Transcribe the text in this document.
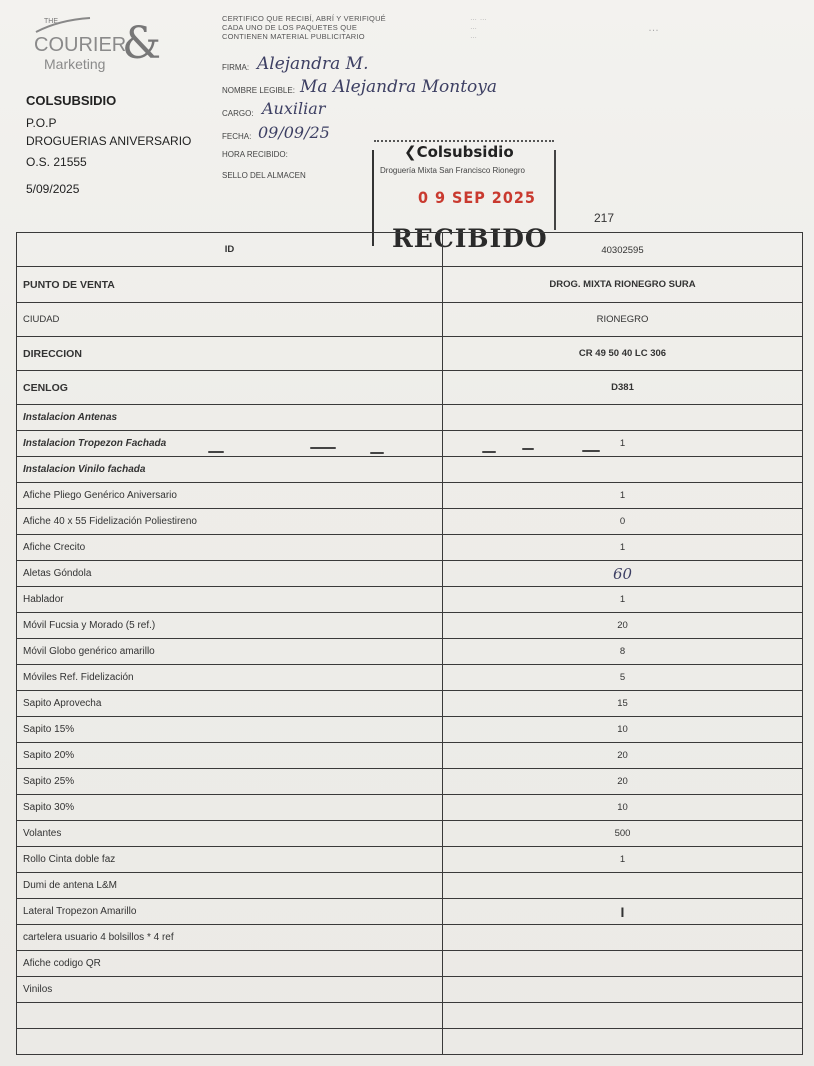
THE
COURIER
Marketing &
COLSUBSIDIO
P.O.P
DROGUERIAS ANIVERSARIO
O.S. 21555
5/09/2025
CERTIFICO QUE RECIBÍ, ABRÍ Y VERIFIQUÉ
CADA UNO DE LOS PAQUETES QUE
CONTIENEN MATERIAL PUBLICITARIO
… …
…
…
…
FIRMA: Alejandra M.
NOMBRE LEGIBLE: Ma Alejandra Montoya
CARGO: Auxiliar
FECHA: 09/09/25
HORA RECIBIDO:
SELLO DEL ALMACEN
❮Colsubsidio
Droguería Mixta San Francisco Rionegro
0 9 SEP 2025
RECIBIDO
217
ID	40302595
PUNTO DE VENTA	DROG. MIXTA RIONEGRO SURA
CIUDAD	RIONEGRO
DIRECCION	CR 49 50 40 LC 306
CENLOG	D381
Instalacion Antenas	
Instalacion Tropezon Fachada	1
Instalacion Vinilo fachada	
Afiche Pliego Genérico Aniversario	1
Afiche 40 x 55 Fidelización Poliestireno	0
Afiche Crecito	1
Aletas Góndola	60
Hablador	1
Móvil Fucsia y Morado (5 ref.)	20
Móvil Globo genérico amarillo	8
Móviles Ref. Fidelización	5
Sapito Aprovecha	15
Sapito 15%	10
Sapito 20%	20
Sapito 25%	20
Sapito 30%	10
Volantes	500
Rollo Cinta doble faz	1
Dumi de antena L&M	
Lateral Tropezon Amarillo	I
cartelera usuario 4 bolsillos * 4 ref	
Afiche codigo QR	
Vinilos	
